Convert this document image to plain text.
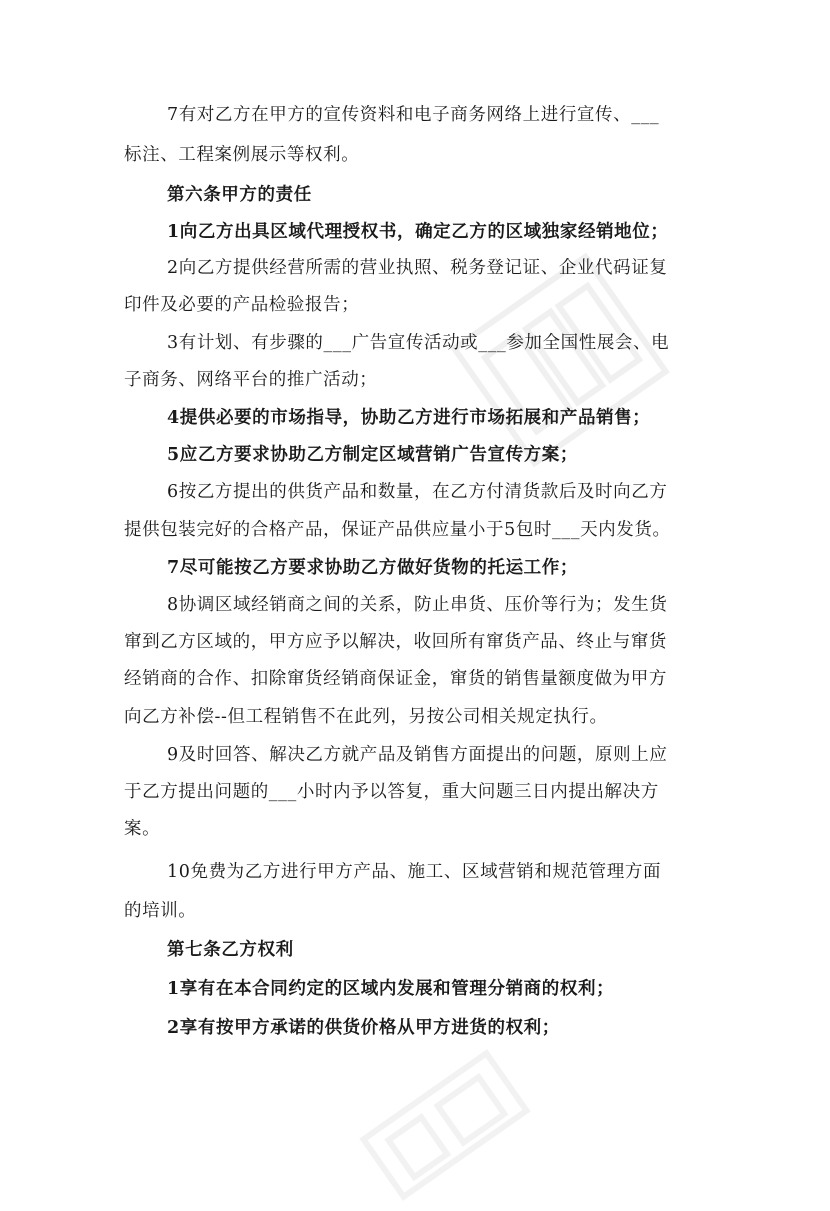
7有对乙方在甲方的宣传资料和电子商务网络上进行宣传、___
标注、工程案例展示等权利。
第六条甲方的责任
1向乙方出具区域代理授权书，确定乙方的区域独家经销地位；
2向乙方提供经营所需的营业执照、税务登记证、企业代码证复
印件及必要的产品检验报告；
3有计划、有步骤的___广告宣传活动或___参加全国性展会、电
子商务、网络平台的推广活动；
4提供必要的市场指导，协助乙方进行市场拓展和产品销售；
5应乙方要求协助乙方制定区域营销广告宣传方案；
6按乙方提出的供货产品和数量，在乙方付清货款后及时向乙方
提供包装完好的合格产品，保证产品供应量小于5包时___天内发货。
7尽可能按乙方要求协助乙方做好货物的托运工作；
8协调区域经销商之间的关系，防止串货、压价等行为；发生货
窜到乙方区域的，甲方应予以解决，收回所有窜货产品、终止与窜货
经销商的合作、扣除窜货经销商保证金，窜货的销售量额度做为甲方
向乙方补偿--但工程销售不在此列，另按公司相关规定执行。
9及时回答、解决乙方就产品及销售方面提出的问题，原则上应
于乙方提出问题的___小时内予以答复，重大问题三日内提出解决方
案。
10免费为乙方进行甲方产品、施工、区域营销和规范管理方面
的培训。
第七条乙方权利
1享有在本合同约定的区域内发展和管理分销商的权利；
2享有按甲方承诺的供货价格从甲方进货的权利；
